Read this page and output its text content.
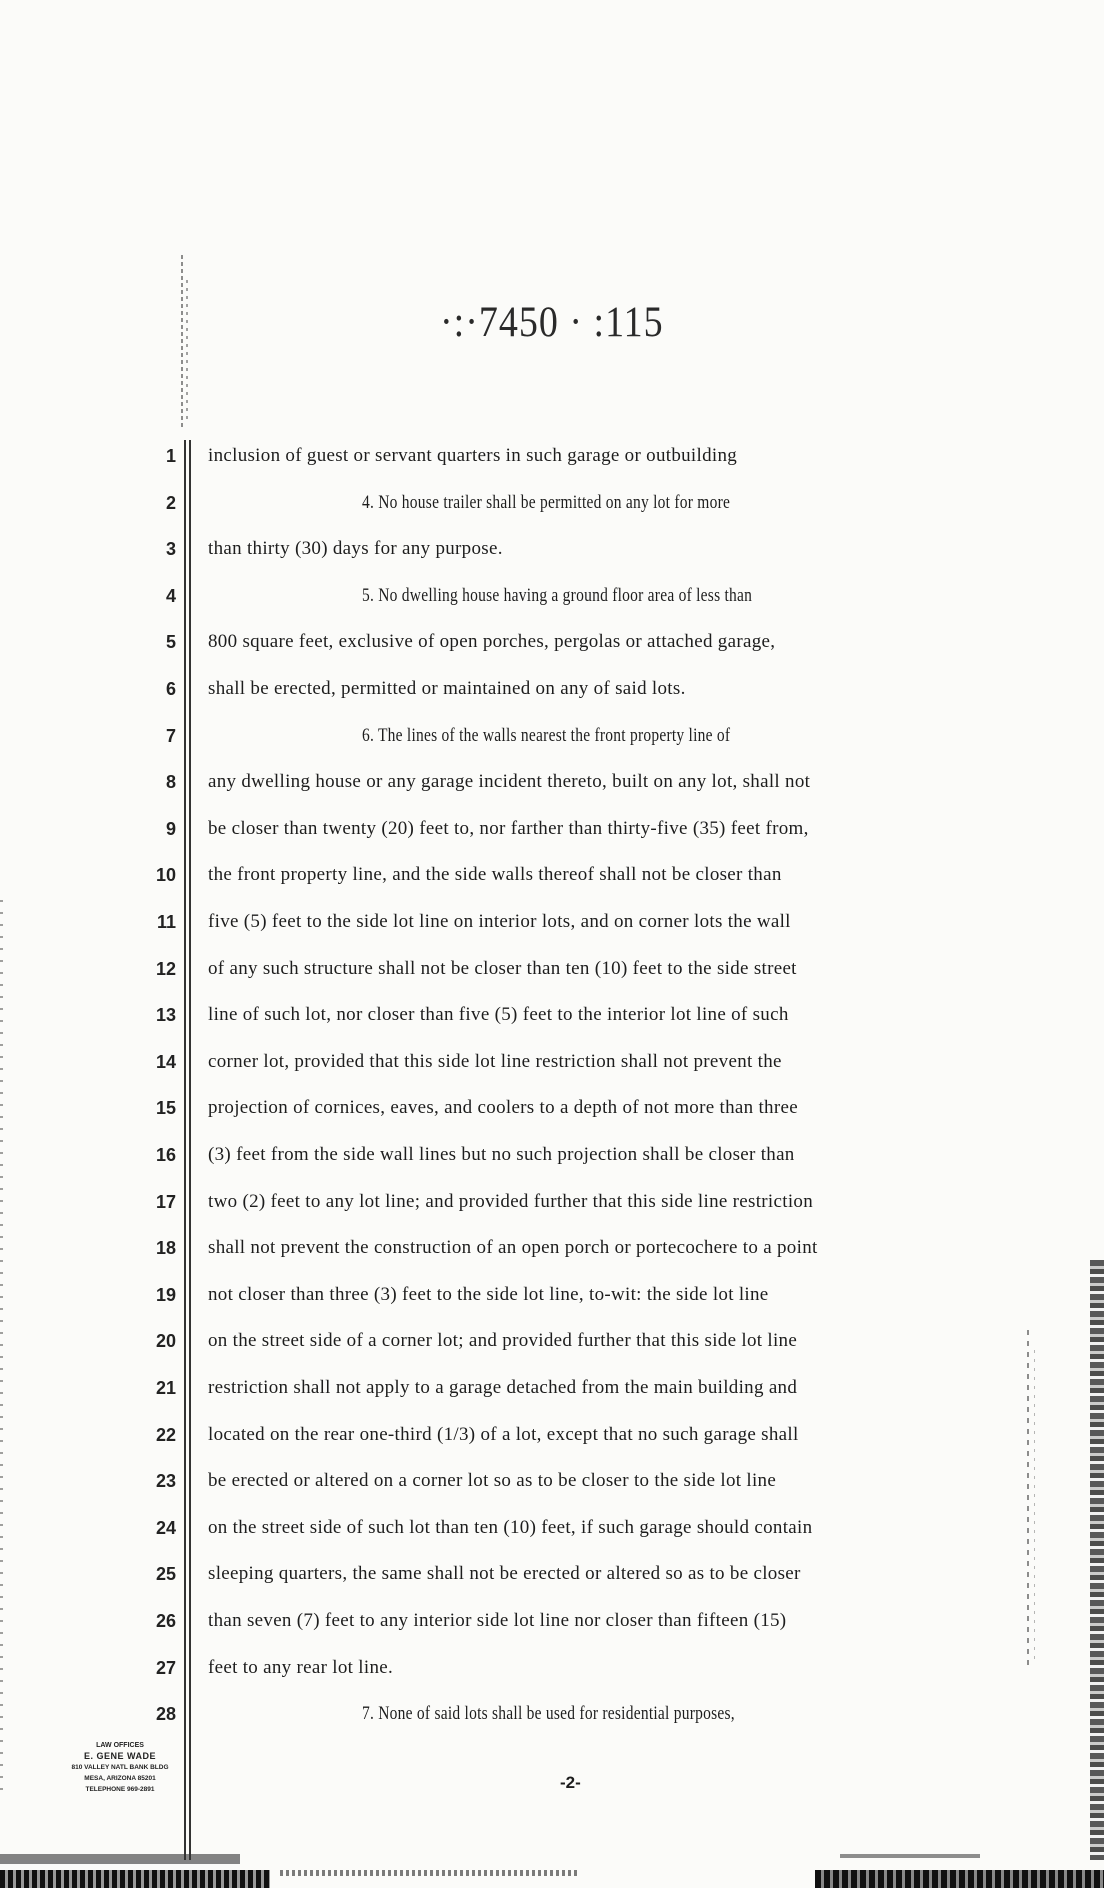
·:·7450 · :115
1 inclusion of guest or servant quarters in such garage or outbuilding
2	4. No house trailer shall be permitted on any lot for more
3 than thirty (30) days for any purpose.
4	5. No dwelling house having a ground floor area of less than
5 800 square feet, exclusive of open porches, pergolas or attached garage,
6 shall be erected, permitted or maintained on any of said lots.
7	6. The lines of the walls nearest the front property line of
8 any dwelling house or any garage incident thereto, built on any lot, shall not
9 be closer than twenty (20) feet to, nor farther than thirty-five (35) feet from,
10 the front property line, and the side walls thereof shall not be closer than
11 five (5) feet to the side lot line on interior lots, and on corner lots the wall
12 of any such structure shall not be closer than ten (10) feet to the side street
13 line of such lot, nor closer than five (5) feet to the interior lot line of such
14 corner lot, provided that this side lot line restriction shall not prevent the
15 projection of cornices, eaves, and coolers to a depth of not more than three
16 (3) feet from the side wall lines but no such projection shall be closer than
17 two (2) feet to any lot line; and provided further that this side line restriction
18 shall not prevent the construction of an open porch or portecochere to a point
19 not closer than three (3) feet to the side lot line, to-wit: the side lot line
20 on the street side of a corner lot; and provided further that this side lot line
21 restriction shall not apply to a garage detached from the main building and
22 located on the rear one-third (1/3) of a lot, except that no such garage shall
23 be erected or altered on a corner lot so as to be closer to the side lot line
24 on the street side of such lot than ten (10) feet, if such garage should contain
25 sleeping quarters, the same shall not be erected or altered so as to be closer
26 than seven (7) feet to any interior side lot line nor closer than fifteen (15)
27 feet to any rear lot line.
28	7. None of said lots shall be used for residential purposes,
-2-
LAW OFFICES
E. GENE WADE
810 VALLEY NATL BANK BLDG
MESA, ARIZONA 85201
TELEPHONE 969-2891
